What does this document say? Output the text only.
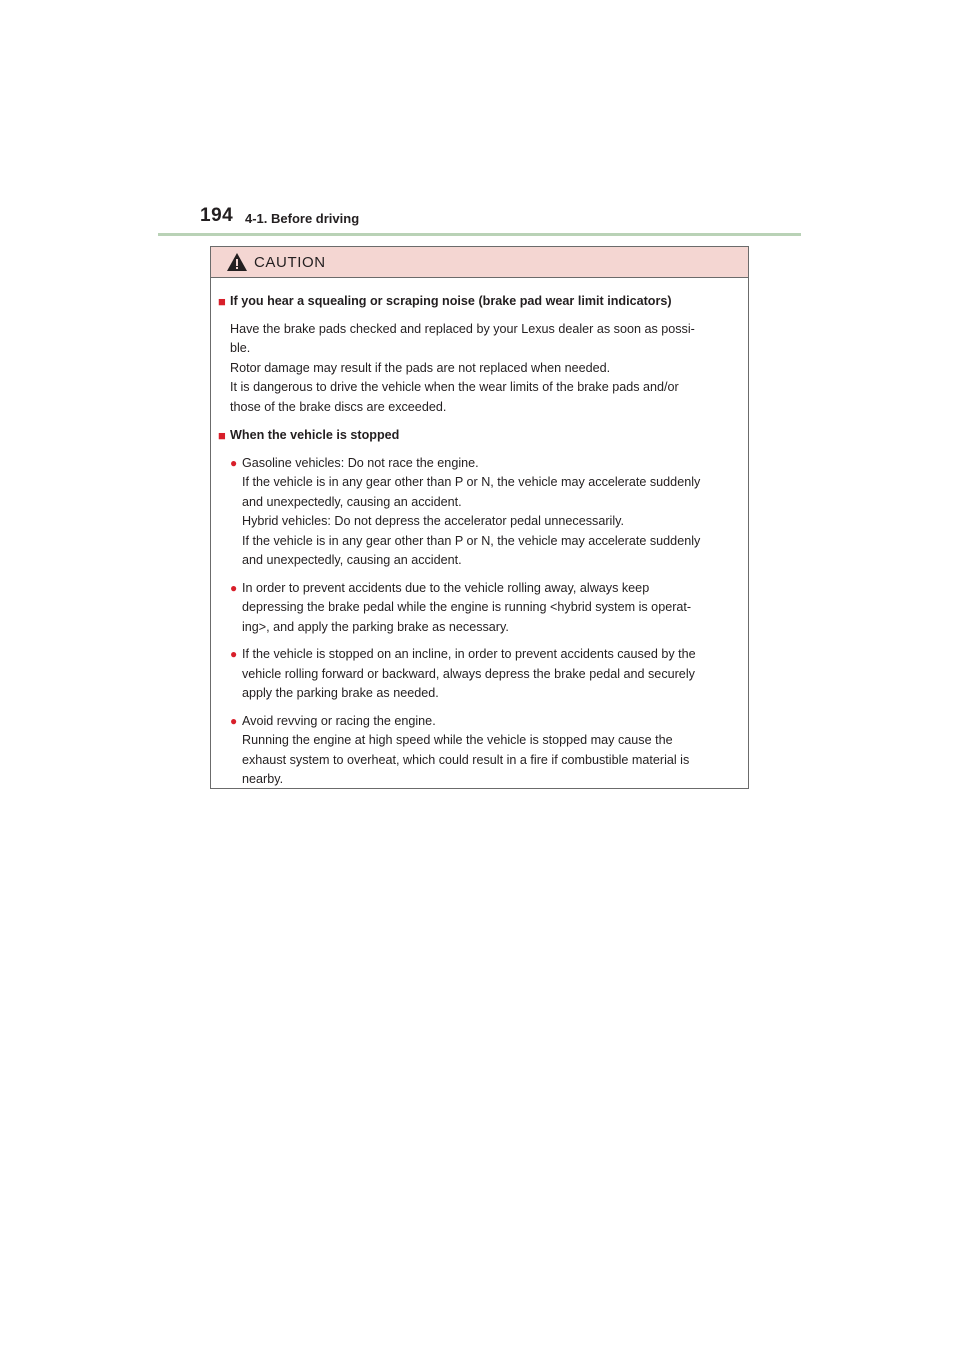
194 4-1. Before driving
CAUTION
■ If you hear a squealing or scraping noise (brake pad wear limit indicators)
Have the brake pads checked and replaced by your Lexus dealer as soon as possi-
ble.
Rotor damage may result if the pads are not replaced when needed.
It is dangerous to drive the vehicle when the wear limits of the brake pads and/or
those of the brake discs are exceeded.
■ When the vehicle is stopped
● Gasoline vehicles: Do not race the engine.
If the vehicle is in any gear other than P or N, the vehicle may accelerate suddenly
and unexpectedly, causing an accident.
Hybrid vehicles: Do not depress the accelerator pedal unnecessarily.
If the vehicle is in any gear other than P or N, the vehicle may accelerate suddenly
and unexpectedly, causing an accident.
● In order to prevent accidents due to the vehicle rolling away, always keep
depressing the brake pedal while the engine is running <hybrid system is operat-
ing>, and apply the parking brake as necessary.
● If the vehicle is stopped on an incline, in order to prevent accidents caused by the
vehicle rolling forward or backward, always depress the brake pedal and securely
apply the parking brake as needed.
● Avoid revving or racing the engine.
Running the engine at high speed while the vehicle is stopped may cause the
exhaust system to overheat, which could result in a fire if combustible material is
nearby.
